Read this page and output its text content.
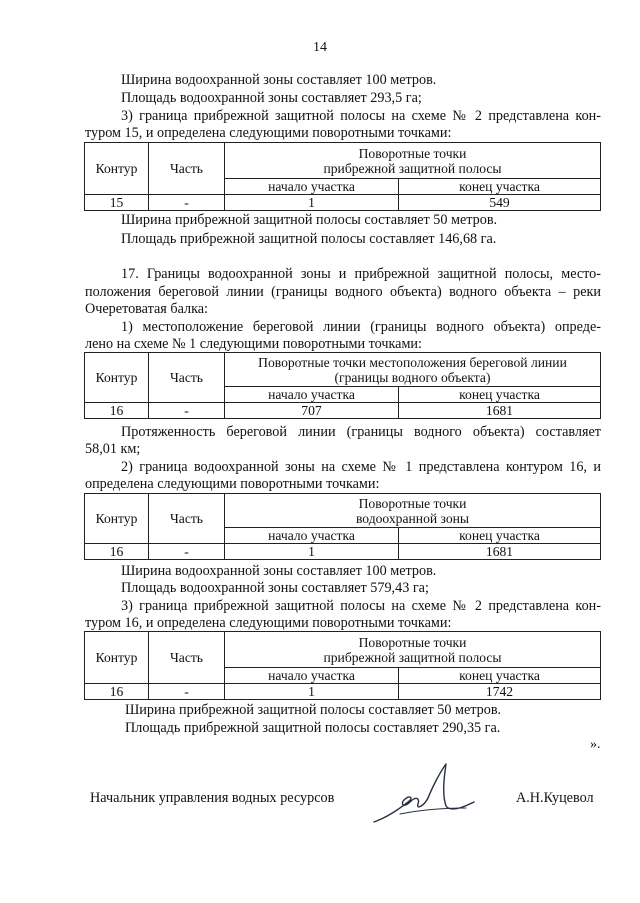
14
Ширина водоохранной зоны составляет 100 метров.
Площадь водоохранной зоны составляет 293,5 га;
3) граница прибрежной защитной полосы на схеме № 2 представлена кон-
туром 15, и определена следующими поворотными точками:
Контур	Часть	Поворотные точки
прибрежной защитной полосы	
		начало участка	конец участка
15	-	1	549
Ширина прибрежной защитной полосы составляет 50 метров.
Площадь прибрежной защитной полосы составляет 146,68 га.
17. Границы водоохранной зоны и прибрежной защитной полосы, место-
положения береговой линии (границы водного объекта) водного объекта – реки
Очеретоватая балка:
1) местоположение береговой линии (границы водного объекта) опреде-
лено на схеме № 1 следующими поворотными точками:
Контур	Часть	Поворотные точки местоположения береговой линии
(границы водного объекта)	
		начало участка	конец участка
16	-	707	1681
Протяженность береговой линии (границы водного объекта) составляет
58,01 км;
2) граница водоохранной зоны на схеме № 1 представлена контуром 16, и
определена следующими поворотными точками:
Контур	Часть	Поворотные точки
водоохранной зоны	
		начало участка	конец участка
16	-	1	1681
Ширина водоохранной зоны составляет 100 метров.
Площадь водоохранной зоны составляет 579,43 га;
3) граница прибрежной защитной полосы на схеме № 2 представлена кон-
туром 16, и определена следующими поворотными точками:
Контур	Часть	Поворотные точки
прибрежной защитной полосы	
		начало участка	конец участка
16	-	1	1742
Ширина прибрежной защитной полосы составляет 50 метров.
Площадь прибрежной защитной полосы составляет 290,35 га.
».
Начальник управления водных ресурсов	А.Н.Куцевол
